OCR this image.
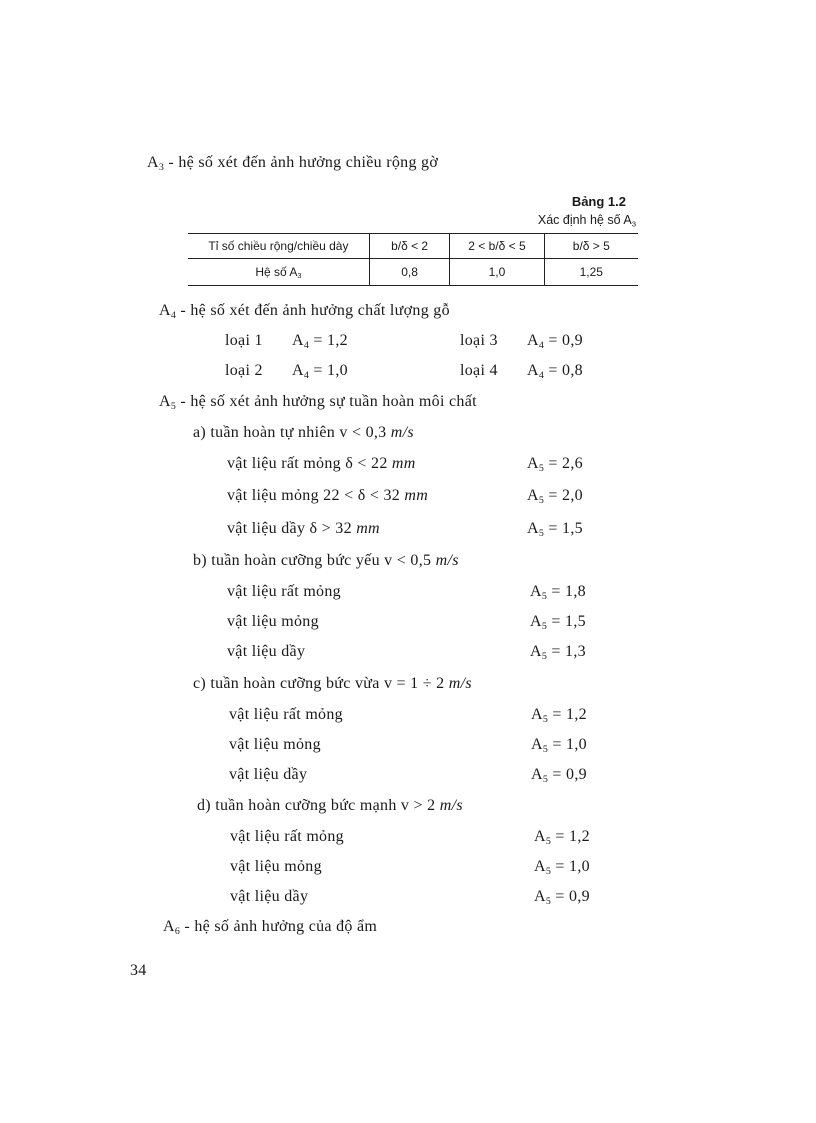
$A_3$ - hệ số xét đến ảnh hưởng chiều rộng gờ
Bảng 1.2
Xác định hệ số $A_3$
Tỉ số chiều rộng/chiều dày	b/δ < 2	2 < b/δ < 5	b/δ > 5
Hệ số $A_3$	0,8	1,0	1,25
$A_4$ - hệ số xét đến ảnh hưởng chất lượng gỗ
loại 1 $A_4 = 1,2$	loại 3 $A_4 = 0,9$
loại 2 $A_4 = 1,0$	loại 4 $A_4 = 0,8$
$A_5$ - hệ số xét ảnh hưởng sự tuần hoàn môi chất
a) tuần hoàn tự nhiên v < 0,3 m/s
vật liệu rất mỏng δ < 22 mm	$A_5 = 2,6$
vật liệu mỏng 22 < δ < 32 mm	$A_5 = 2,0$
vật liệu dầy δ > 32 mm	$A_5 = 1,5$
b) tuần hoàn cưỡng bức yếu v < 0,5 m/s
vật liệu rất mỏng	$A_5 = 1,8$
vật liệu mỏng	$A_5 = 1,5$
vật liệu dầy	$A_5 = 1,3$
c) tuần hoàn cưỡng bức vừa v = 1 ÷ 2 m/s
vật liệu rất mỏng	$A_5 = 1,2$
vật liệu mỏng	$A_5 = 1,0$
vật liệu dầy	$A_5 = 0,9$
d) tuần hoàn cưỡng bức mạnh v > 2 m/s
vật liệu rất mỏng	$A_5 = 1,2$
vật liệu mỏng	$A_5 = 1,0$
vật liệu dầy	$A_5 = 0,9$
$A_6$ - hệ số ảnh hưởng của độ ẩm
34
